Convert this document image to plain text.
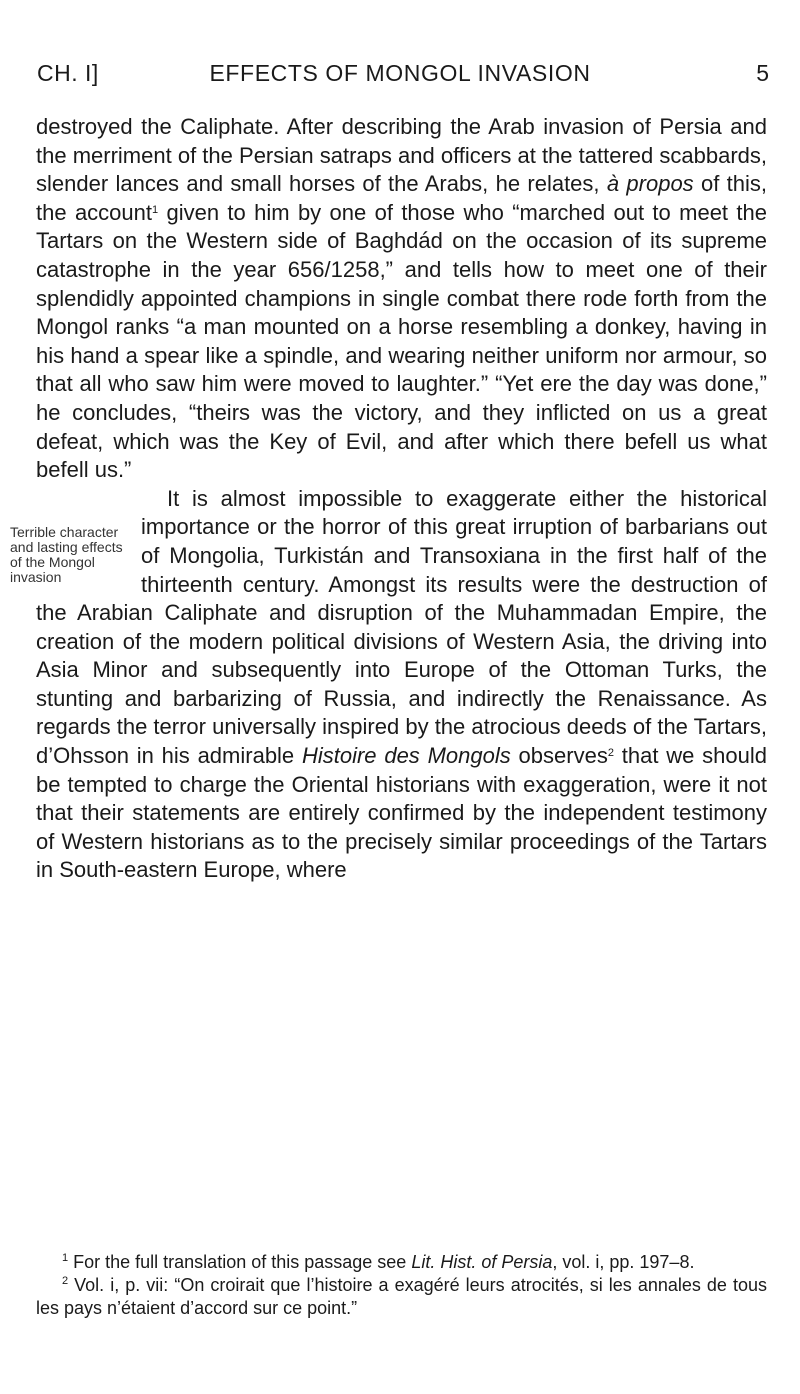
EFFECTS OF MONGOL INVASION
CH. I]	5

destroyed the Caliphate. After describing the Arab invasion of Persia and the merriment of the Persian satraps and officers at the tattered scabbards, slender lances and small horses of the Arabs, he relates, à propos of this, the account$^1$ given to him by one of those who “marched out to meet the Tartars on the Western side of Baghdád on the occasion of its supreme catastrophe in the year 656/1258,” and tells how to meet one of their splendidly appointed champions in single combat there rode forth from the Mongol ranks “a man mounted on a horse resembling a donkey, having in his hand a spear like a spindle, and wearing neither uniform nor armour, so that all who saw him were moved to laughter.” “Yet ere the day was done,” he concludes, “theirs was the victory, and they inflicted on us a great defeat, which was the Key of Evil, and after which there befell us what befell us.”

Terrible character and lasting effects of the Mongol invasion
It is almost impossible to exaggerate either the historical importance or the horror of this great irruption of barbarians out of Mongolia, Turkistán and Transoxiana in the first half of the thirteenth century. Amongst its results were the destruction of the Arabian Caliphate and disruption of the Muhammadan Empire, the creation of the modern political divisions of Western Asia, the driving into Asia Minor and subsequently into Europe of the Ottoman Turks, the stunting and barbarizing of Russia, and indirectly the Renaissance. As regards the terror universally inspired by the atrocious deeds of the Tartars, d’Ohsson in his admirable Histoire des Mongols observes$^2$ that we should be tempted to charge the Oriental historians with exaggeration, were it not that their statements are entirely confirmed by the independent testimony of Western historians as to the precisely similar proceedings of the Tartars in South-eastern Europe, where

$^1$ For the full translation of this passage see Lit. Hist. of Persia, vol. i, pp. 197–8.

$^2$ Vol. i, p. vii: “On croirait que l’histoire a exagéré leurs atrocités, si les annales de tous les pays n’étaient d’accord sur ce point.”
